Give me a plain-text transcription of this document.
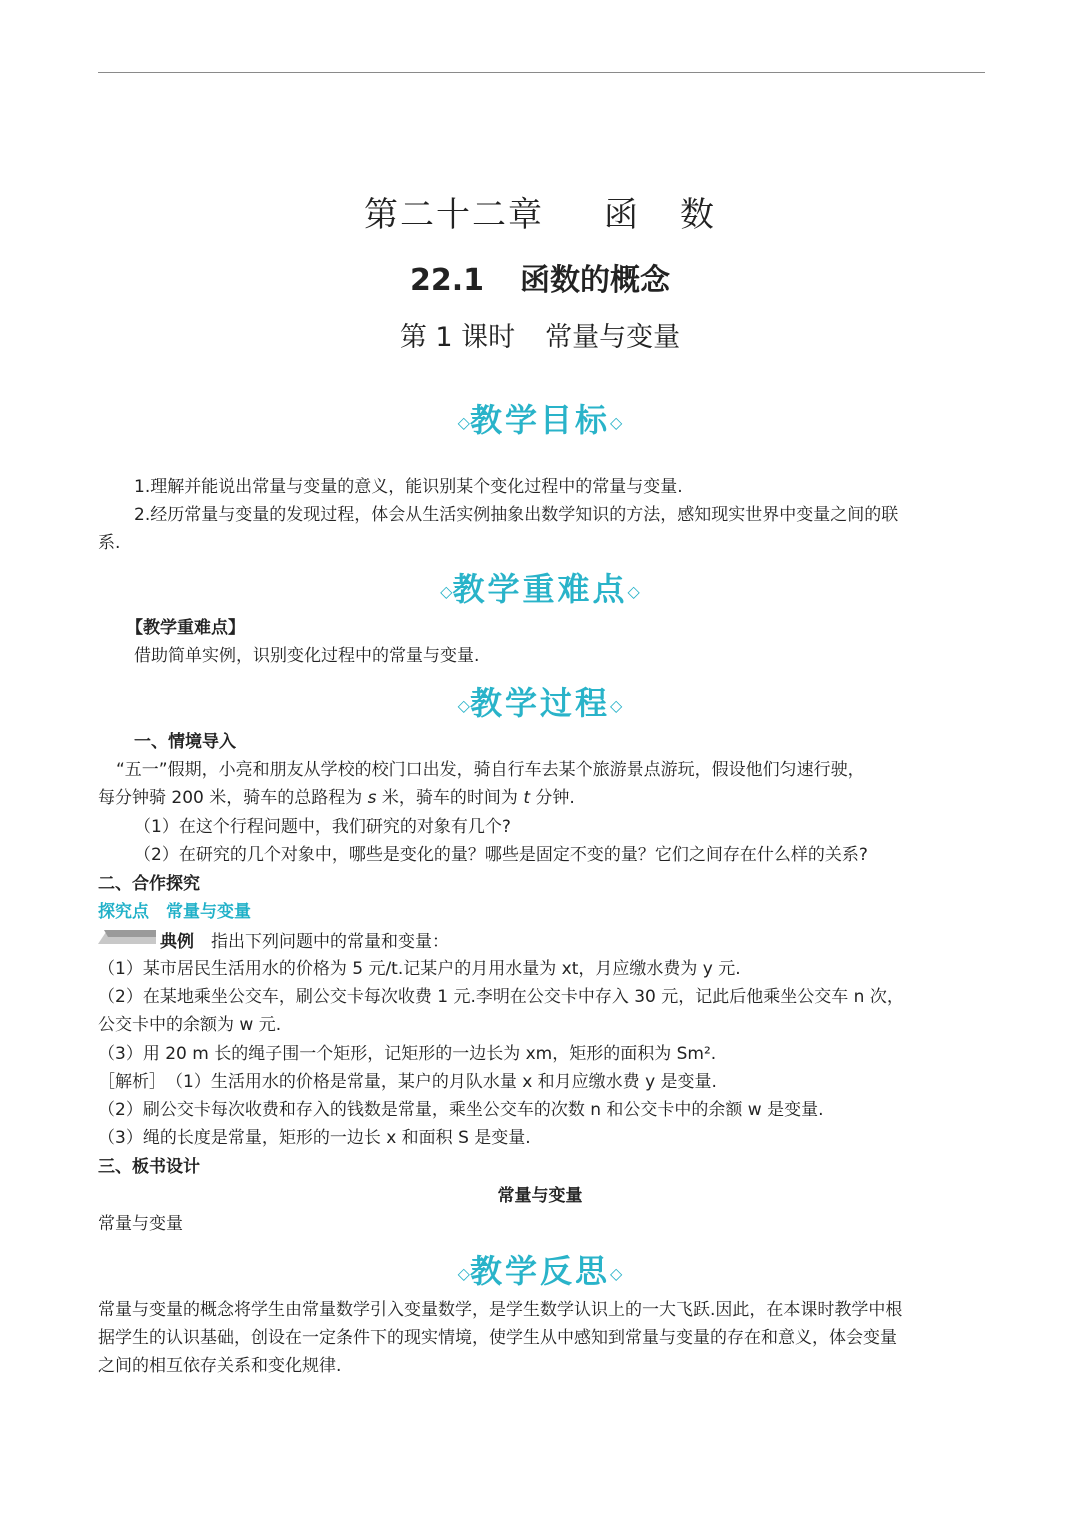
第二十二章 函 数
22.1 函数的概念
第 1 课时 常量与变量
◇教学目标◇
1.理解并能说出常量与变量的意义，能识别某个变化过程中的常量与变量.
2.经历常量与变量的发现过程，体会从生活实例抽象出数学知识的方法，感知现实世界中变量之间的联
系.
◇教学重难点◇
【教学重难点】
借助简单实例，识别变化过程中的常量与变量.
◇教学过程◇
一、情境导入
“五一”假期，小亮和朋友从学校的校门口出发，骑自行车去某个旅游景点游玩，假设他们匀速行驶，
每分钟骑 200 米，骑车的总路程为 s 米，骑车的时间为 t 分钟.
（1）在这个行程问题中，我们研究的对象有几个?
（2）在研究的几个对象中，哪些是变化的量？哪些是固定不变的量？它们之间存在什么样的关系?
二、合作探究
探究点　常量与变量
典例　 指出下列问题中的常量和变量：
（1）某市居民生活用水的价格为 5 元/t.记某户的月用水量为 xt，月应缴水费为 y 元.
（2）在某地乘坐公交车，刷公交卡每次收费 1 元.李明在公交卡中存入 30 元，记此后他乘坐公交车 n 次，
公交卡中的余额为 w 元.
（3）用 20 m 长的绳子围一个矩形，记矩形的一边长为 xm，矩形的面积为 Sm².
［解析］　 （1）生活用水的价格是常量，某户的月队水量 x 和月应缴水费 y 是变量.
（2）刷公交卡每次收费和存入的钱数是常量，乘坐公交车的次数 n 和公交卡中的余额 w 是变量.
（3）绳的长度是常量，矩形的一边长 x 和面积 S 是变量.
三、板书设计
常量与变量
常量与变量
◇教学反思◇
常量与变量的概念将学生由常量数学引入变量数学，是学生数学认识上的一大飞跃.因此，在本课时教学中根
据学生的认识基础，创设在一定条件下的现实情境，使学生从中感知到常量与变量的存在和意义，体会变量
之间的相互依存关系和变化规律.
